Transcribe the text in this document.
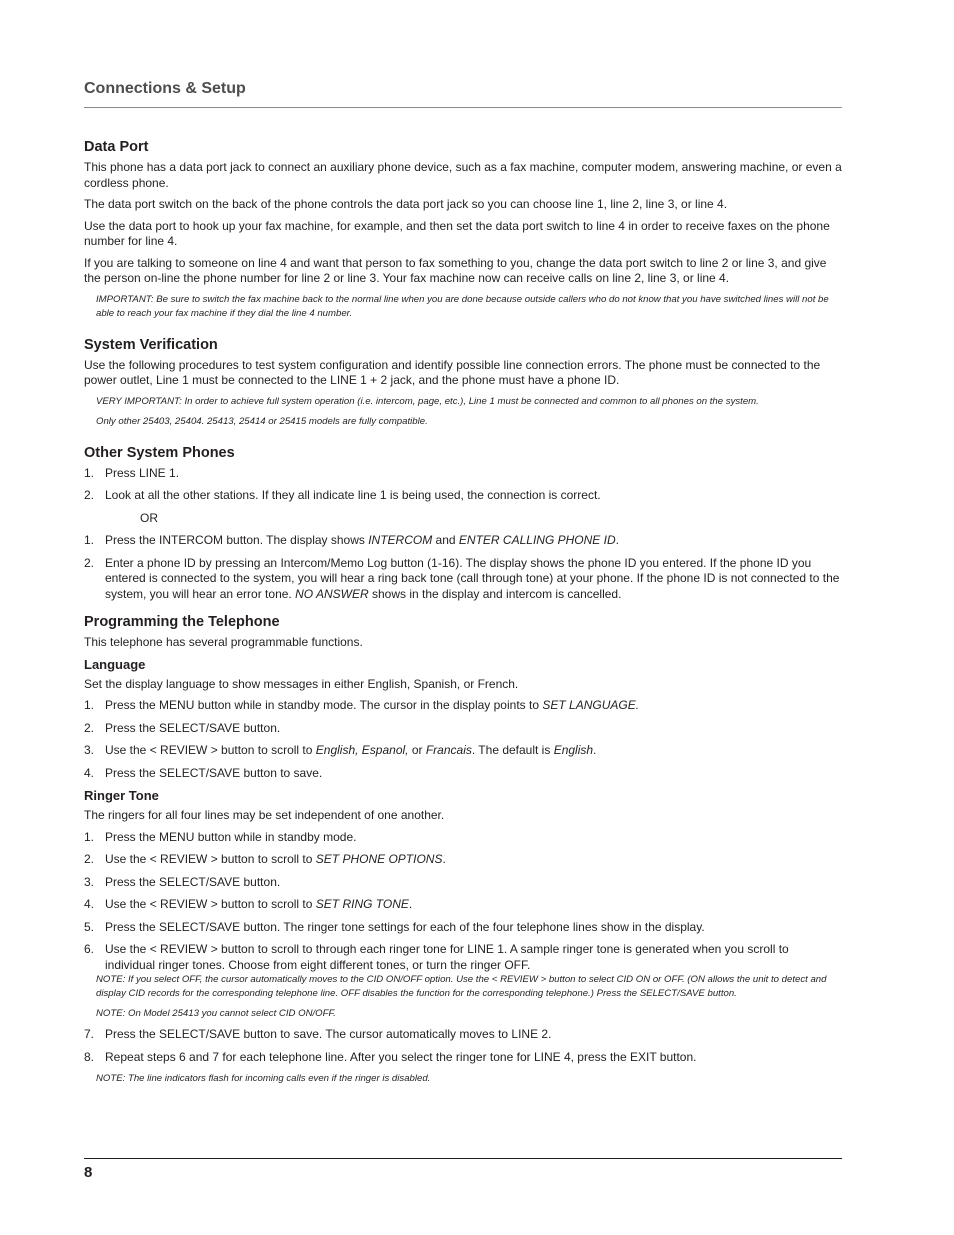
Connections & Setup
Data Port

This phone has a data port jack to connect an auxiliary phone device, such as a fax machine, computer modem, answering machine, or even a cordless phone.

The data port switch on the back of the phone controls the data port jack so you can choose line 1, line 2, line 3, or line 4.

Use the data port to hook up your fax machine, for example, and then set the data port switch to line 4 in order to receive faxes on the phone number for line 4.

If you are talking to someone on line 4 and want that person to fax something to you, change the data port switch to line 2 or line 3, and give the person on-line the phone number for line 2 or line 3. Your fax machine now can receive calls on line 2, line 3, or line 4.

IMPORTANT: Be sure to switch the fax machine back to the normal line when you are done because outside callers who do not know that you have switched lines will not be able to reach your fax machine if they dial the line 4 number.

System Verification

Use the following procedures to test system configuration and identify possible line connection errors. The phone must be connected to the power outlet, Line 1 must be connected to the LINE 1 + 2 jack, and the phone must have a phone ID.

VERY IMPORTANT: In order to achieve full system operation (i.e. intercom, page, etc.), Line 1 must be connected and common to all phones on the system.

Only other 25403, 25404. 25413, 25414 or 25415 models are fully compatible.

Other System Phones
1. Press LINE 1.
2. Look at all the other stations. If they all indicate line 1 is being used, the connection is correct.
OR
1. Press the INTERCOM button. The display shows INTERCOM and ENTER CALLING PHONE ID.
2. Enter a phone ID by pressing an Intercom/Memo Log button (1-16). The display shows the phone ID you entered. If the phone ID you entered is connected to the system, you will hear a ring back tone (call through tone) at your phone. If the phone ID is not connected to the system, you will hear an error tone. NO ANSWER shows in the display and intercom is cancelled.
Programming the Telephone

This telephone has several programmable functions.

Language

Set the display language to show messages in either English, Spanish, or French.

1. Press the MENU button while in standby mode. The cursor in the display points to SET LANGUAGE.
2. Press the SELECT/SAVE button.
3. Use the < REVIEW > button to scroll to English, Espanol, or Francais. The default is English.
4. Press the SELECT/SAVE button to save.
Ringer Tone

The ringers for all four lines may be set independent of one another.

1. Press the MENU button while in standby mode.
2. Use the < REVIEW > button to scroll to SET PHONE OPTIONS.
3. Press the SELECT/SAVE button.
4. Use the < REVIEW > button to scroll to SET RING TONE.
5. Press the SELECT/SAVE button. The ringer tone settings for each of the four telephone lines show in the display.
6. Use the < REVIEW > button to scroll to through each ringer tone for LINE 1. A sample ringer tone is generated when you scroll to individual ringer tones. Choose from eight different tones, or turn the ringer OFF.

NOTE: If you select OFF, the cursor automatically moves to the CID ON/OFF option. Use the < REVIEW > button to select CID ON or OFF. (ON allows the unit to detect and display CID records for the corresponding telephone line. OFF disables the function for the corresponding telephone.) Press the SELECT/SAVE button.

NOTE: On Model 25413 you cannot select CID ON/OFF.

7. Press the SELECT/SAVE button to save. The cursor automatically moves to LINE 2.
8. Repeat steps 6 and 7 for each telephone line. After you select the ringer tone for LINE 4, press the EXIT button.

NOTE: The line indicators flash for incoming calls even if the ringer is disabled.

8
